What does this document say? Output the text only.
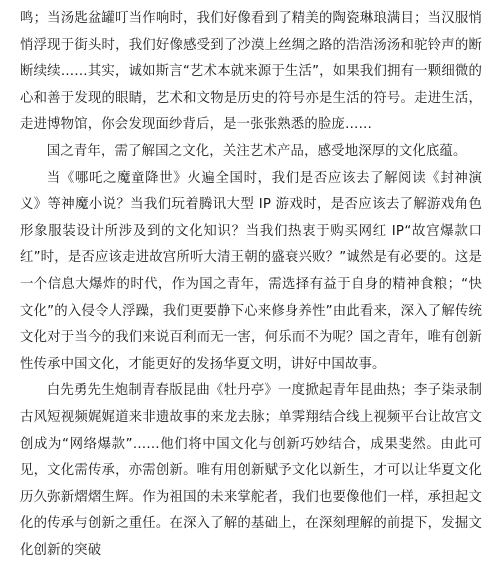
鸣；当汤匙盆罐叮当作响时，我们好像看到了精美的陶瓷琳琅满目；当汉服悄悄浮现于街头时，我们好像感受到了沙漠上丝绸之路的浩浩汤汤和驼铃声的断断续续……其实，诚如斯言“艺术本就来源于生活”，如果我们拥有一颗细微的心和善于发现的眼睛，艺术和文物是历史的符号亦是生活的符号。走进生活，走进博物馆，你会发现面纱背后，是一张张熟悉的脸庞……

国之青年，需了解国之文化，关注艺术产品，感受地深厚的文化底蕴。

当《哪吒之魔童降世》火遍全国时，我们是否应该去了解阅读《封神演义》等神魔小说？当我们玩着腾讯大型 IP 游戏时，是否应该去了解游戏角色形象服装设计所涉及到的文化知识？当我们热衷于购买网红 IP“故宫爆款口红”时，是否应该走进故宫所听大清王朝的盛衰兴败？”诚然是有必要的。这是一个信息大爆炸的时代，作为国之青年，需选择有益于自身的精神食粮；“快文化”的入侵令人浮躁，我们更要静下心来修身养性”由此看来，深入了解传统文化对于当今的我们来说百利而无一害，何乐而不为呢？国之青年，唯有创新性传承中国文化，才能更好的发扬华夏文明，讲好中国故事。

白先勇先生炮制青春版昆曲《牡丹亭》一度掀起青年昆曲热；李子柒录制古风短视频娓娓道来非遗故事的来龙去脉；单霁翔结合线上视频平台让故宫文创成为“网络爆款”……他们将中国文化与创新巧妙结合，成果斐然。由此可见，文化需传承，亦需创新。唯有用创新赋予文化以新生，才可以让华夏文化历久弥新熠熠生辉。作为祖国的未来掌舵者，我们也要像他们一样，承担起文化的传承与创新之重任。在深入了解的基础上，在深刻理解的前提下，发掘文化创新的突破
